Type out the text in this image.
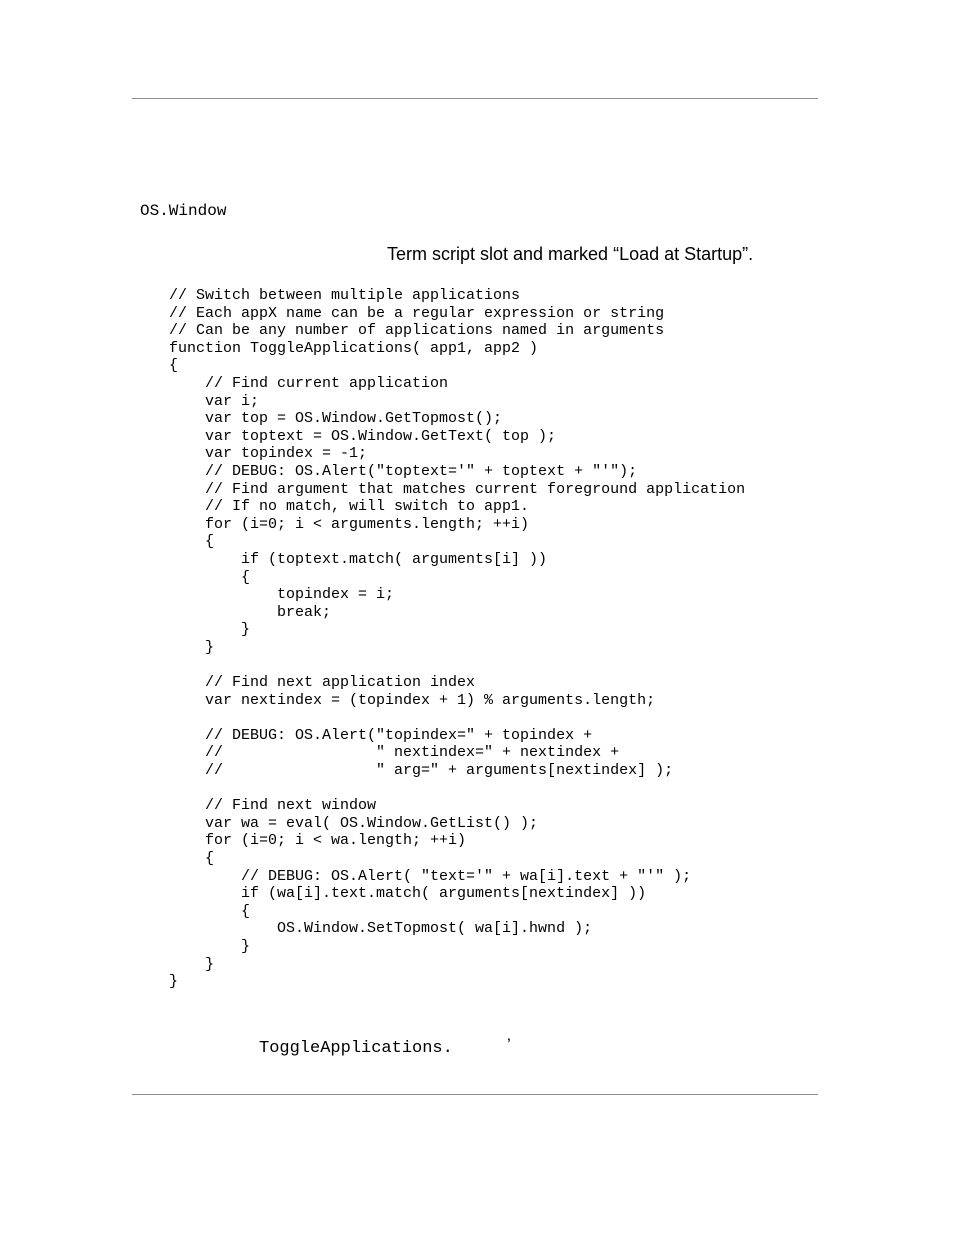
OS.Window
Term script slot and marked “Load at Startup”.
// Switch between multiple applications
// Each appX name can be a regular expression or string
// Can be any number of applications named in arguments
function ToggleApplications( app1, app2 )
{
// Find current application
var i;
var top = OS.Window.GetTopmost();
var toptext = OS.Window.GetText( top );
var topindex = -1;
// DEBUG: OS.Alert("toptext='" + toptext + "'");
// Find argument that matches current foreground application
// If no match, will switch to app1.
for (i=0; i < arguments.length; ++i)
{
if (toptext.match( arguments[i] ))
{
topindex = i;
break;
}
}
// Find next application index
var nextindex = (topindex + 1) % arguments.length;
// DEBUG: OS.Alert("topindex=" + topindex +
//                 " nextindex=" + nextindex +
//                 " arg=" + arguments[nextindex] );
// Find next window
var wa = eval( OS.Window.GetList() );
for (i=0; i < wa.length; ++i)
{
// DEBUG: OS.Alert( "text='" + wa[i].text + "'" );
if (wa[i].text.match( arguments[nextindex] ))
{
OS.Window.SetTopmost( wa[i].hwnd );
}
}
}
ToggleApplications.	’
